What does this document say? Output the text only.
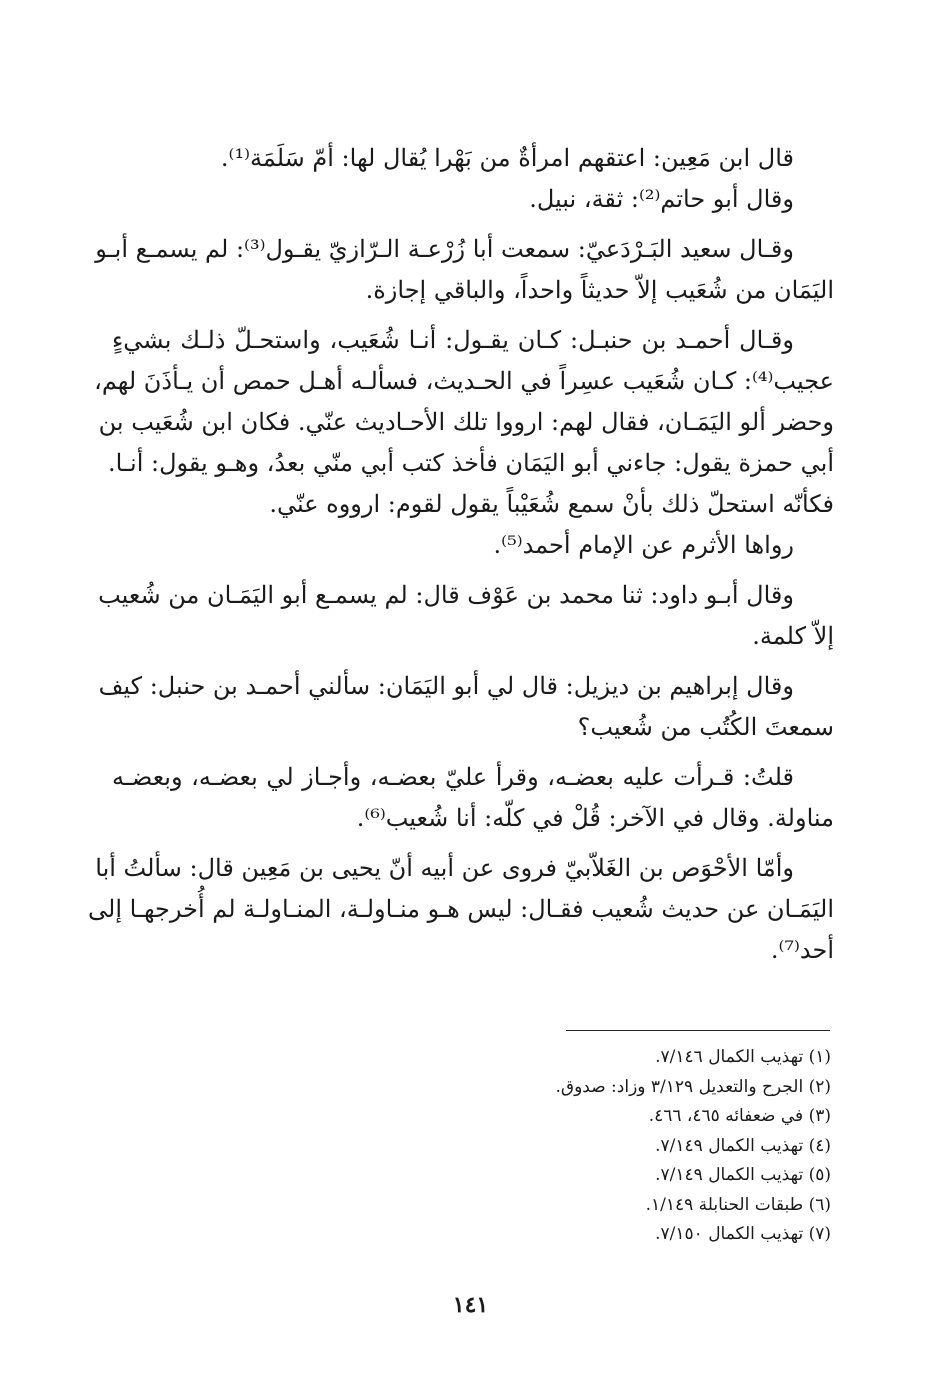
قال ابن مَعِين: اعتقهم امرأةٌ من بَهْرا يُقال لها: أمّ سَلَمَة⁽¹⁾.
وقال أبو حاتم⁽²⁾: ثقة، نبيل.
وقـال سعيد البَـرْدَعيّ: سمعت أبا زُرْعـة الـرّازيّ يقـول⁽³⁾: لم يسمـع أبـو
اليَمَان من شُعَيب إلاّ حديثاً واحداً، والباقي إجازة.
وقـال أحمـد بن حنبـل: كـان يقـول: أنـا شُعَيب، واستحـلّ ذلـك بشيءٍ
عجيب⁽⁴⁾: كـان شُعَيب عسِراً في الحـديث، فسألـه أهـل حمص أن يـأذَنَ لهم،
وحضر ألو اليَمَـان، فقال لهم: ارووا تلك الأحـاديث عنّي. فكان ابن شُعَيب بن
أبي حمزة يقول: جاءني أبو اليَمَان فأخذ كتب أبي منّي بعدُ، وهـو يقول: أنـا.
فكأنّه استحلّ ذلك بأنْ سمع شُعَيْباً يقول لقوم: ارووه عنّي.
رواها الأثرم عن الإمام أحمد⁽⁵⁾.
وقال أبـو داود: ثنا محمد بن عَوْف قال: لم يسمـع أبو اليَمَـان من شُعيب
إلاّ كلمة.
وقال إبراهيم بن ديزيل: قال لي أبو اليَمَان: سألني أحمـد بن حنبل: كيف
سمعتَ الكُتُب من شُعيب؟
قلتُ: قـرأت عليه بعضـه، وقرأ عليّ بعضـه، وأجـاز لي بعضـه، وبعضـه
مناولة. وقال في الآخر: قُلْ في كلّه: أنا شُعيب⁽⁶⁾.
وأمّا الأحْوَص بن الغَلاّبيّ فروى عن أبيه أنّ يحيى بن مَعِين قال: سألتُ أبا
اليَمَـان عن حديث شُعيب فقـال: ليس هـو منـاولـة، المنـاولـة لم أُخرجهـا إلى
أحد⁽⁷⁾.
(١) تهذيب الكمال ٧/١٤٦.
(٢) الجرح والتعديل ٣/١٢٩ وزاد: صدوق.
(٣) في ضعفائه ٤٦٥، ٤٦٦.
(٤) تهذيب الكمال ٧/١٤٩.
(٥) تهذيب الكمال ٧/١٤٩.
(٦) طبقات الحنابلة ١/١٤٩.
(٧) تهذيب الكمال ٧/١٥٠.
١٤١
